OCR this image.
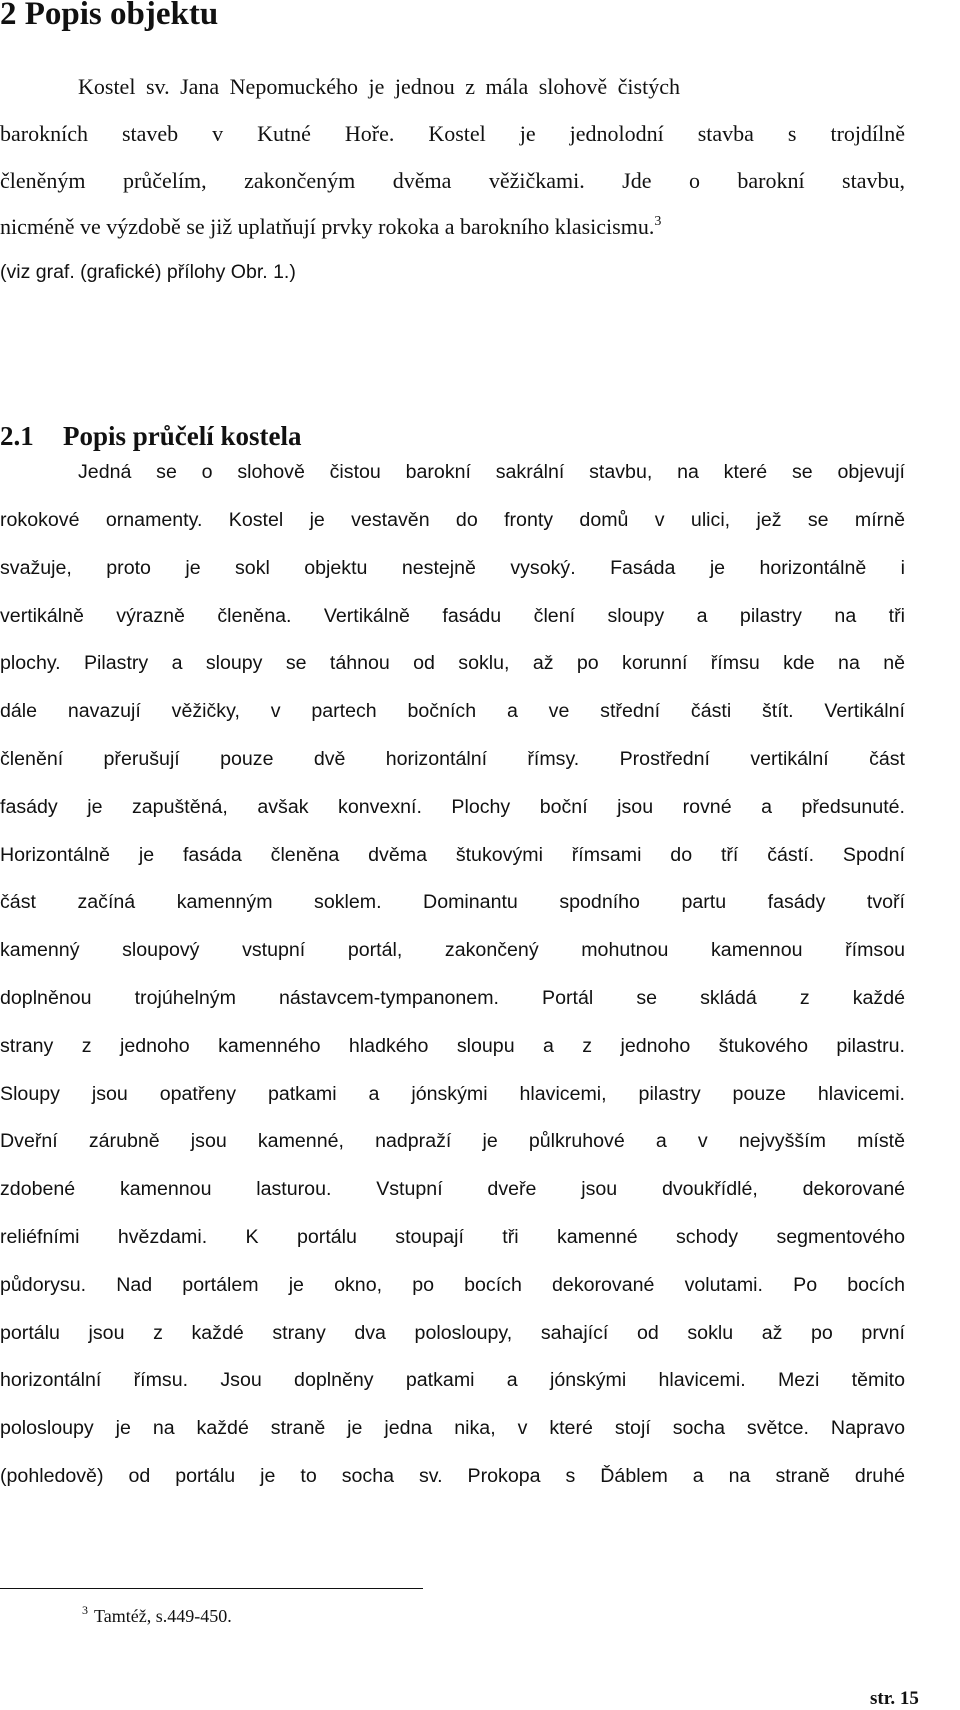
2 Popis objektu

Kostel sv. Jana Nepomuckého je jednou z mála slohově čistých

barokních staveb v Kutné Hoře. Kostel je jednolodní stavba s trojdílně

členěným průčelím, zakončeným dvěma věžičkami. Jde o barokní stavbu,

nicméně ve výzdobě se již uplatňují prvky rokoka a barokního klasicismu.$^3$

(viz graf. (grafické) přílohy Obr. 1.)

2.1 Popis průčelí kostela

Jedná se o slohově čistou barokní sakrální stavbu, na které se objevují

rokokové ornamenty. Kostel je vestavěn do fronty domů v ulici, jež se mírně

svažuje, proto je sokl objektu nestejně vysoký. Fasáda je horizontálně i

vertikálně výrazně členěna. Vertikálně fasádu člení sloupy a pilastry na tři

plochy. Pilastry a sloupy se táhnou od soklu, až po korunní římsu kde na ně

dále navazují věžičky, v partech bočních a ve střední části štít. Vertikální

členění přerušují pouze dvě horizontální římsy. Prostřední vertikální část

fasády je zapuštěná, avšak konvexní. Plochy boční jsou rovné a předsunuté.

Horizontálně je fasáda členěna dvěma štukovými římsami do tří částí. Spodní

část začíná kamenným soklem. Dominantu spodního partu fasády tvoří

kamenný sloupový vstupní portál, zakončený mohutnou kamennou římsou

doplněnou trojúhelným nástavcem-tympanonem. Portál se skládá z každé

strany z jednoho kamenného hladkého sloupu a z jednoho štukového pilastru.

Sloupy jsou opatřeny patkami a jónskými hlavicemi, pilastry pouze hlavicemi.

Dveřní zárubně jsou kamenné, nadpraží je půlkruhové a v nejvyšším místě

zdobené kamennou lasturou. Vstupní dveře jsou dvoukřídlé, dekorované

reliéfními hvězdami. K portálu stoupají tři kamenné schody segmentového

půdorysu. Nad portálem je okno, po bocích dekorované volutami. Po bocích

portálu jsou z každé strany dva polosloupy, sahající od soklu až po první

horizontální římsu. Jsou doplněny patkami a jónskými hlavicemi. Mezi těmito

polosloupy je na každé straně je jedna nika, v které stojí socha světce. Napravo

(pohledově) od portálu je to socha sv. Prokopa s Ďáblem a na straně druhé

$^3$ Tamtéž, s.449-450.

str. 15
